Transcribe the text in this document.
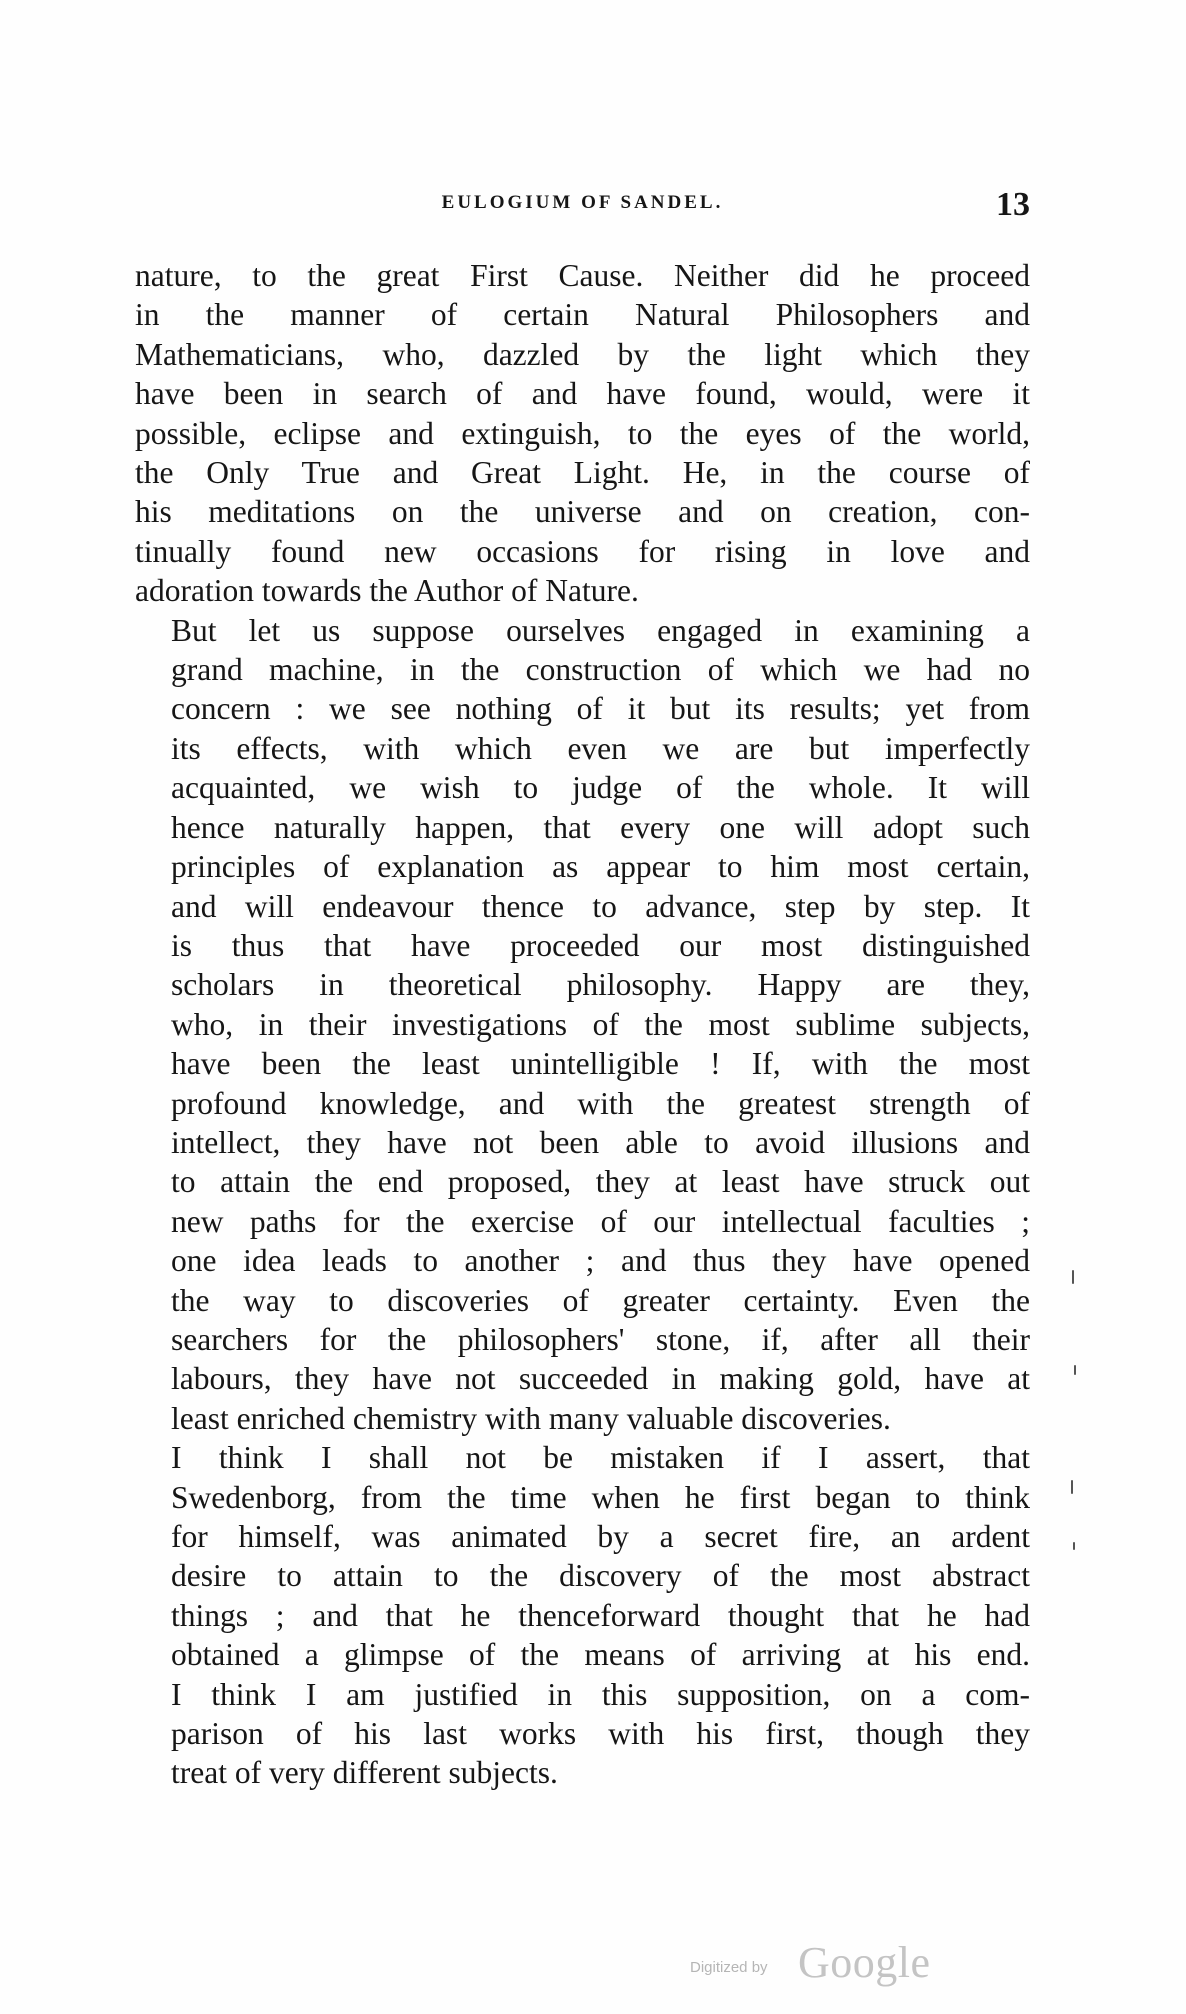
EULOGIUM OF SANDEL.	13
nature, to the great First Cause. Neither did he proceed
in the manner of certain Natural Philosophers and
Mathematicians, who, dazzled by the light which they
have been in search of and have found, would, were it
possible, eclipse and extinguish, to the eyes of the world,
the Only True and Great Light. He, in the course of
his meditations on the universe and on creation, con-
tinually found new occasions for rising in love and
adoration towards the Author of Nature.
But let us suppose ourselves engaged in examining a
grand machine, in the construction of which we had no
concern : we see nothing of it but its results; yet from
its effects, with which even we are but imperfectly
acquainted, we wish to judge of the whole. It will
hence naturally happen, that every one will adopt such
principles of explanation as appear to him most certain,
and will endeavour thence to advance, step by step. It
is thus that have proceeded our most distinguished
scholars in theoretical philosophy. Happy are they,
who, in their investigations of the most sublime subjects,
have been the least unintelligible ! If, with the most
profound knowledge, and with the greatest strength of
intellect, they have not been able to avoid illusions and
to attain the end proposed, they at least have struck out
new paths for the exercise of our intellectual faculties ;
one idea leads to another ; and thus they have opened
the way to discoveries of greater certainty. Even the
searchers for the philosophers' stone, if, after all their
labours, they have not succeeded in making gold, have at
least enriched chemistry with many valuable discoveries.
I think I shall not be mistaken if I assert, that
Swedenborg, from the time when he first began to think
for himself, was animated by a secret fire, an ardent
desire to attain to the discovery of the most abstract
things ; and that he thenceforward thought that he had
obtained a glimpse of the means of arriving at his end.
I think I am justified in this supposition, on a com-
parison of his last works with his first, though they
treat of very different subjects.
Digitized by Google
